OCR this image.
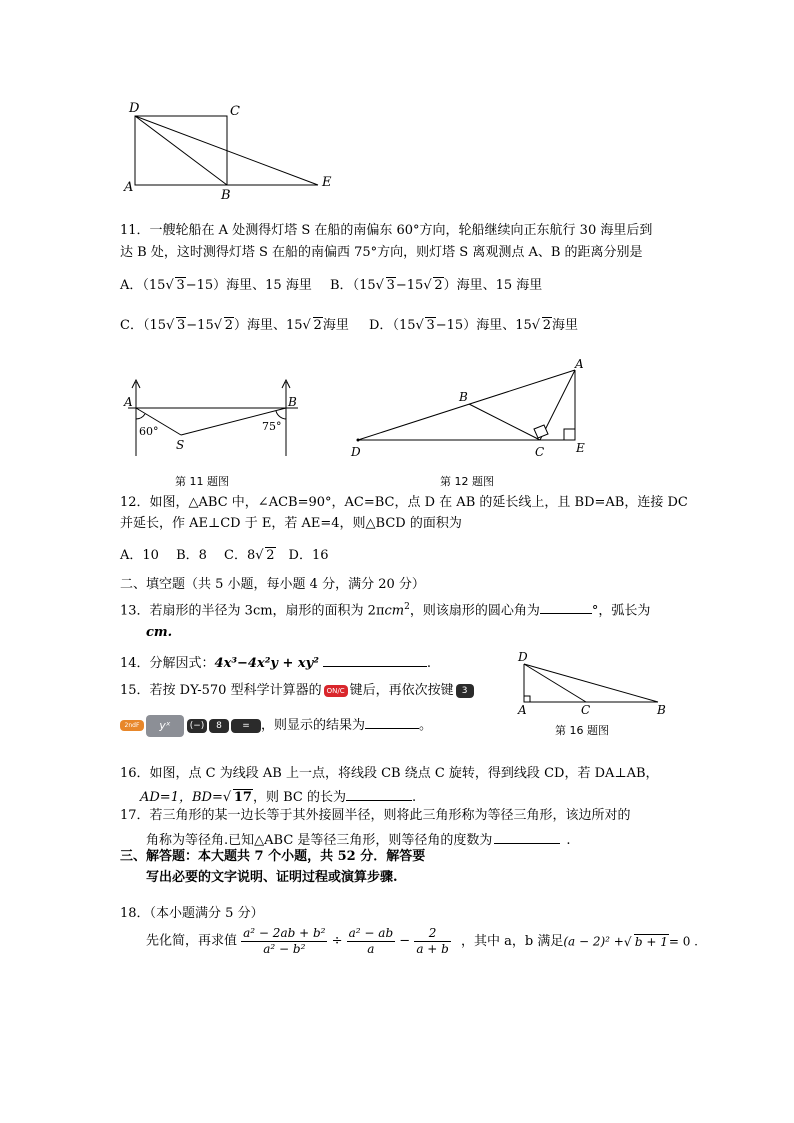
D	C
A
B
E
11．一艘轮船在 A 处测得灯塔 S 在船的南偏东 60°方向，轮船继续向正东航行 30 海里后到
达 B 处，这时测得灯塔 S 在船的南偏西 75°方向，则灯塔 S 离观测点 A、B 的距离分别是
A．（15 √ 3−15）海里、15 海里 B．（15 √ 3−15 √ 2）海里、15 海里
C．（15 √ 3−15 √ 2）海里、15 √ 2海里 D．（15 √ 3−15）海里、15 √ 2海里
A	B
S
60°	75°
第 11 题图
A
B
D	C	E
第 12 题图
12．如图，△ABC 中，∠ACB=90°，AC=BC，点 D 在 AB 的延长线上，且 BD=AB，连接 DC
并延长，作 AE⊥CD 于 E，若 AE=4，则△BCD 的面积为
A．10　 B．8　 C．8 √ 2　D．16
二、填空题（共 5 小题，每小题 4 分，满分 20 分）
13．若扇形的半径为 3cm，扇形的面积为 2πcm$^2$，则该扇形的圆心角为	°，弧长为
cm.
14．分解因式：4x³−4x²y + xy²	.
15．若按 DY-570 型科学计算器的 ON/C 键后，再依次按键 3
2ndF yˣ (−) 8 = ，则显示的结果为	。
D
A	C	B
第 16 题图
16．如图，点 C 为线段 AB 上一点，将线段 CB 绕点 C 旋转，得到线段 CD，若 DA⊥AB，
AD=1，BD= √ 17，则 BC 的长为	.
17．若三角形的某一边长等于其外接圆半径，则将此三角形称为等径三角形，该边所对的
角称为等径角.已知△ABC 是等径三角形，则等径角的度数为	.
三、解答题：本大题共 7 个小题，共 52 分．解答要
写出必要的文字说明、证明过程或演算步骤.
18．（本小题满分 5 分）
先化简，再求值 $\frac{\text{a² − 2ab + b²}}{\text{a² − b²}} \div \frac{\text{a² − ab}}{a} - \frac{2}{a + b}$ ，其中 a，b 满足(a − 2)² + √ b + 1= 0 .
